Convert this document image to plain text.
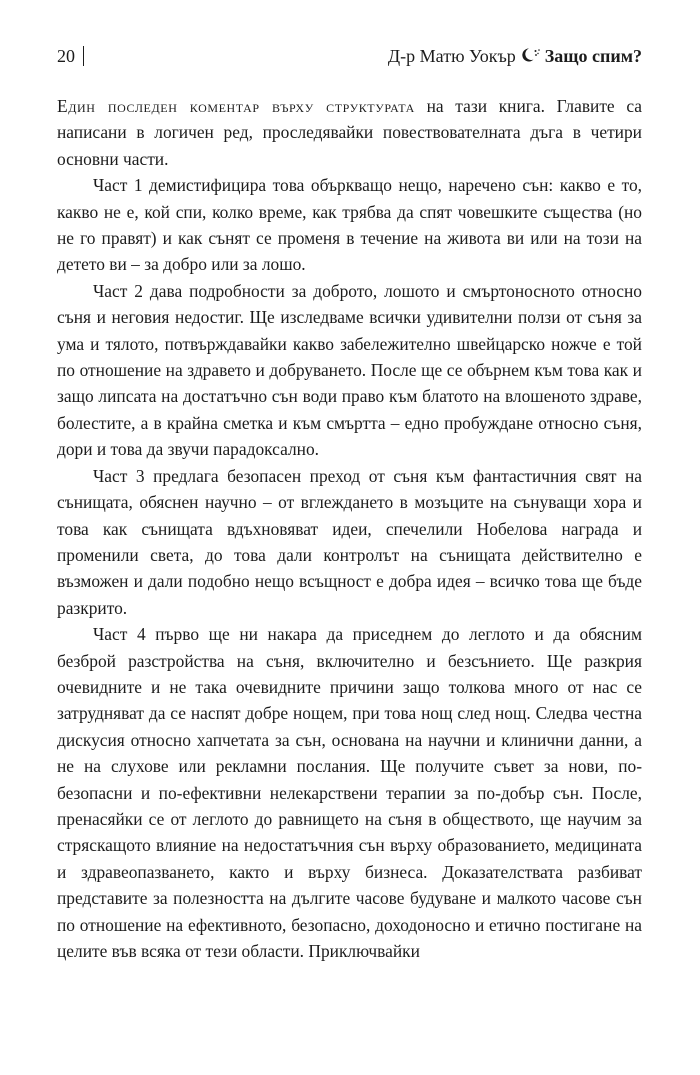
20	Д-р Матю Уокър Защо спим?

Един последен коментар върху структурата на тази книга. Главите са написани в логичен ред, проследявайки повествователната дъга в четири основни части.

Част 1 демистифицира това объркващо нещо, наречено сън: какво е то, какво не е, кой спи, колко време, как трябва да спят човешките същества (но не го правят) и как сънят се променя в течение на живота ви или на този на детето ви – за добро или за лошо.

Част 2 дава подробности за доброто, лошото и смъртоносното относно съня и неговия недостиг. Ще изследваме всички удивителни ползи от съня за ума и тялото, потвърждавайки какво забележително швейцарско ножче е той по отношение на здравето и добруването. После ще се обърнем към това как и защо липсата на достатъчно сън води право към блатото на влошеното здраве, болестите, а в крайна сметка и към смъртта – едно пробуждане относно съня, дори и това да звучи парадоксално.

Част 3 предлага безопасен преход от съня към фантастичния свят на сънищата, обяснен научно – от вглеждането в мозъците на сънуващи хора и това как сънищата вдъхновяват идеи, спечелили Нобелова награда и променили света, до това дали контролът на сънищата действително е възможен и дали подобно нещо всъщност е добра идея – всичко това ще бъде разкрито.

Част 4 първо ще ни накара да приседнем до леглото и да обясним безброй разстройства на съня, включително и безсънието. Ще разкрия очевидните и не така очевидните причини защо толкова много от нас се затрудняват да се наспят добре нощем, при това нощ след нощ. Следва честна дискусия относно хапчетата за сън, основана на научни и клинични данни, а не на слухове или рекламни послания. Ще получите съвет за нови, по-безопасни и по-ефективни нелекарствени терапии за по-добър сън. После, пренасяйки се от леглото до равнището на съня в обществото, ще научим за стряскащото влияние на недостатъчния сън върху образованието, медицината и здравеопазването, както и върху бизнеса. Доказателствата разбиват представите за полезността на дългите часове будуване и малкото часове сън по отношение на ефективното, безопасно, доходоносно и етично постигане на целите във всяка от тези области. Приключвайки
